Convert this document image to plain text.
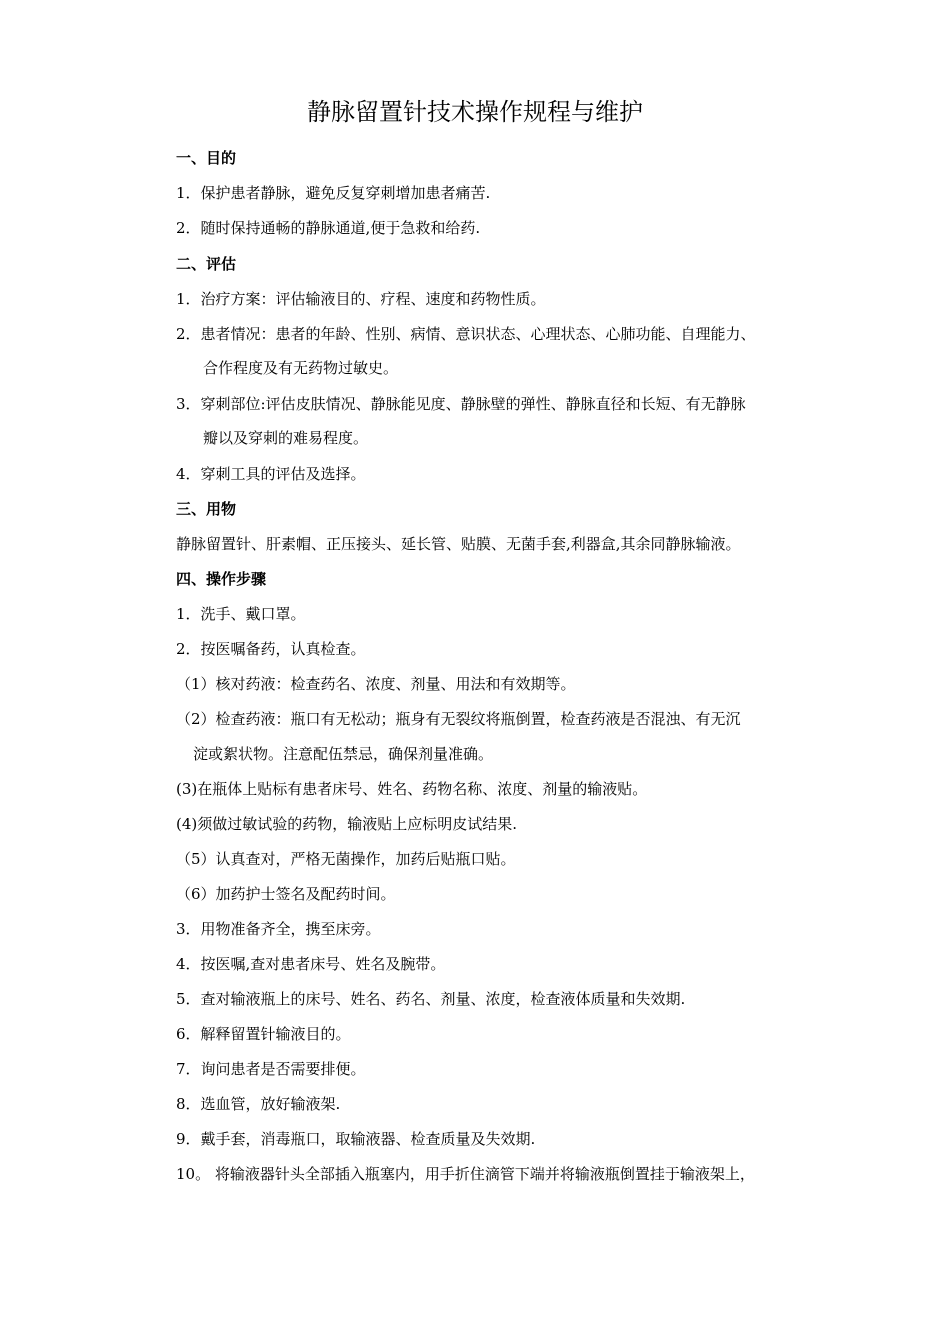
静脉留置针技术操作规程与维护
一、目的
1．保护患者静脉，避免反复穿刺增加患者痛苦.
2．随时保持通畅的静脉通道,便于急救和给药.
二、评估
1．治疗方案：评估输液目的、疗程、速度和药物性质。
2．患者情况：患者的年龄、性别、病情、意识状态、心理状态、心肺功能、自理能力、
合作程度及有无药物过敏史。
3．穿刺部位:评估皮肤情况、静脉能见度、静脉壁的弹性、静脉直径和长短、有无静脉
瓣以及穿刺的难易程度。
4．穿刺工具的评估及选择。
三、用物
静脉留置针、肝素帽、正压接头、延长管、贴膜、无菌手套,利器盒,其余同静脉输液。
四、操作步骤
1．洗手、戴口罩。
2．按医嘱备药，认真检查。
（1）核对药液：检查药名、浓度、剂量、用法和有效期等。
（2）检查药液：瓶口有无松动；瓶身有无裂纹将瓶倒置，检查药液是否混浊、有无沉
淀或絮状物。注意配伍禁忌，确保剂量准确。
(3)在瓶体上贴标有患者床号、姓名、药物名称、浓度、剂量的输液贴。
(4)须做过敏试验的药物，输液贴上应标明皮试结果.
（5）认真查对，严格无菌操作，加药后贴瓶口贴。
（6）加药护士签名及配药时间。
3．用物准备齐全，携至床旁。
4．按医嘱,查对患者床号、姓名及腕带。
5．查对输液瓶上的床号、姓名、药名、剂量、浓度，检查液体质量和失效期.
6．解释留置针输液目的。
7．询问患者是否需要排便。
8．选血管，放好输液架.
9．戴手套，消毒瓶口，取输液器、检查质量及失效期.
10。 将输液器针头全部插入瓶塞内，用手折住滴管下端并将输液瓶倒置挂于输液架上，
